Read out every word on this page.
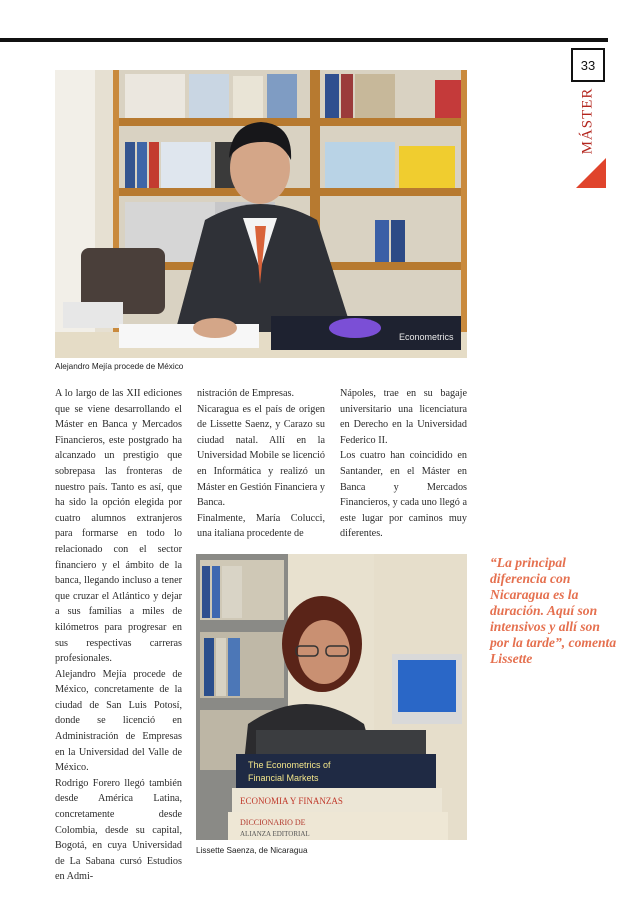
33
MÁSTER
Econometrics
Alejandro Mejía procede de México

A lo largo de las XII ediciones que se viene desarrollando el Máster en Banca y Mercados Financieros, este postgrado ha alcanzado un prestigio que sobrepasa las fronteras de nuestro país. Tanto es así, que ha sido la opción elegida por cuatro alumnos extranjeros para formarse en todo lo relacionado con el sector financiero y el ámbito de la banca, llegando incluso a tener que cruzar el Atlántico y dejar a sus familias a miles de kilómetros para progresar en sus respectivas carreras profesionales.

Alejandro Mejía procede de México, concretamente de la ciudad de San Luis Potosí, donde se licenció en Administración de Empresas en la Universidad del Valle de México.

Rodrigo Forero llegó también desde América Latina, concretamente desde Colombia, desde su capital, Bogotá, en cuya Universidad de La Sabana cursó Estudios en Admi-

nistración de Empresas.

Nicaragua es el país de origen de Lissette Saenz, y Carazo su ciudad natal. Allí en la Universidad Mobile se licenció en Informática y realizó un Máster en Gestión Financiera y Banca.

Finalmente, María Colucci, una italiana procedente de

Nápoles, trae en su bagaje universitario una licenciatura en Derecho en la Universidad Federico II.

Los cuatro han coincidido en Santander, en el Máster en Banca y Mercados Financieros, y cada uno llegó a este lugar por caminos muy diferentes.

The Econometrics of
Financial Markets
ECONOMIA Y FINANZAS
DICCIONARIO DE
ALIANZA EDITORIAL
Lissette Saenza, de Nicaragua
“La principal diferencia con Nicaragua es la duración. Aquí son intensivos y allí son por la tarde”, comenta Lissette
